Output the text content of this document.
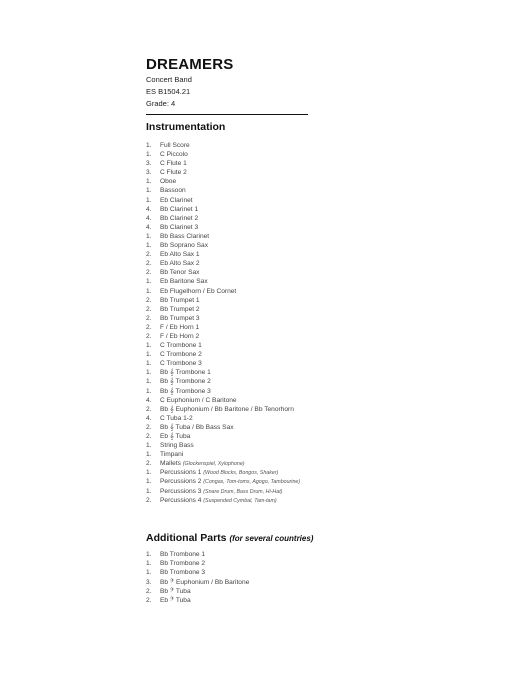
DREAMERS
Concert Band
ES B1504.21
Grade: 4
Instrumentation
1. Full Score
1. C Piccolo
3. C Flute 1
3. C Flute 2
1. Oboe
1. Bassoon
1. Eb Clarinet
4. Bb Clarinet 1
4. Bb Clarinet 2
4. Bb Clarinet 3
1. Bb Bass Clarinet
1. Bb Soprano Sax
2. Eb Alto Sax 1
2. Eb Alto Sax 2
2. Bb Tenor Sax
1. Eb Baritone Sax
1. Eb Flugelhorn / Eb Cornet
2. Bb Trumpet 1
2. Bb Trumpet 2
2. Bb Trumpet 3
2. F / Eb Horn 1
2. F / Eb Horn 2
1. C Trombone 1
1. C Trombone 2
1. C Trombone 3
1. Bb 𝄞 Trombone 1
1. Bb 𝄞 Trombone 2
1. Bb 𝄞 Trombone 3
4. C Euphonium / C Baritone
2. Bb 𝄞 Euphonium / Bb Baritone / Bb Tenorhorn
4. C Tuba 1-2
2. Bb 𝄞 Tuba / Bb Bass Sax
2. Eb 𝄞 Tuba
1. String Bass
1. Timpani
2. Mallets (Glockenspiel, Xylophone)
1. Percussions 1 (Wood Blocks, Bongos, Shaker)
1. Percussions 2 (Congas, Tom-toms, Agogo, Tambourine)
1. Percussions 3 (Snare Drum, Bass Drum, Hi-Hat)
2. Percussions 4 (Suspended Cymbal, Tam-tam)
Additional Parts (for several countries)
1. Bb Trombone 1
1. Bb Trombone 2
1. Bb Trombone 3
3. Bb 𝄢 Euphonium / Bb Baritone
2. Bb 𝄢 Tuba
2. Eb 𝄢 Tuba
